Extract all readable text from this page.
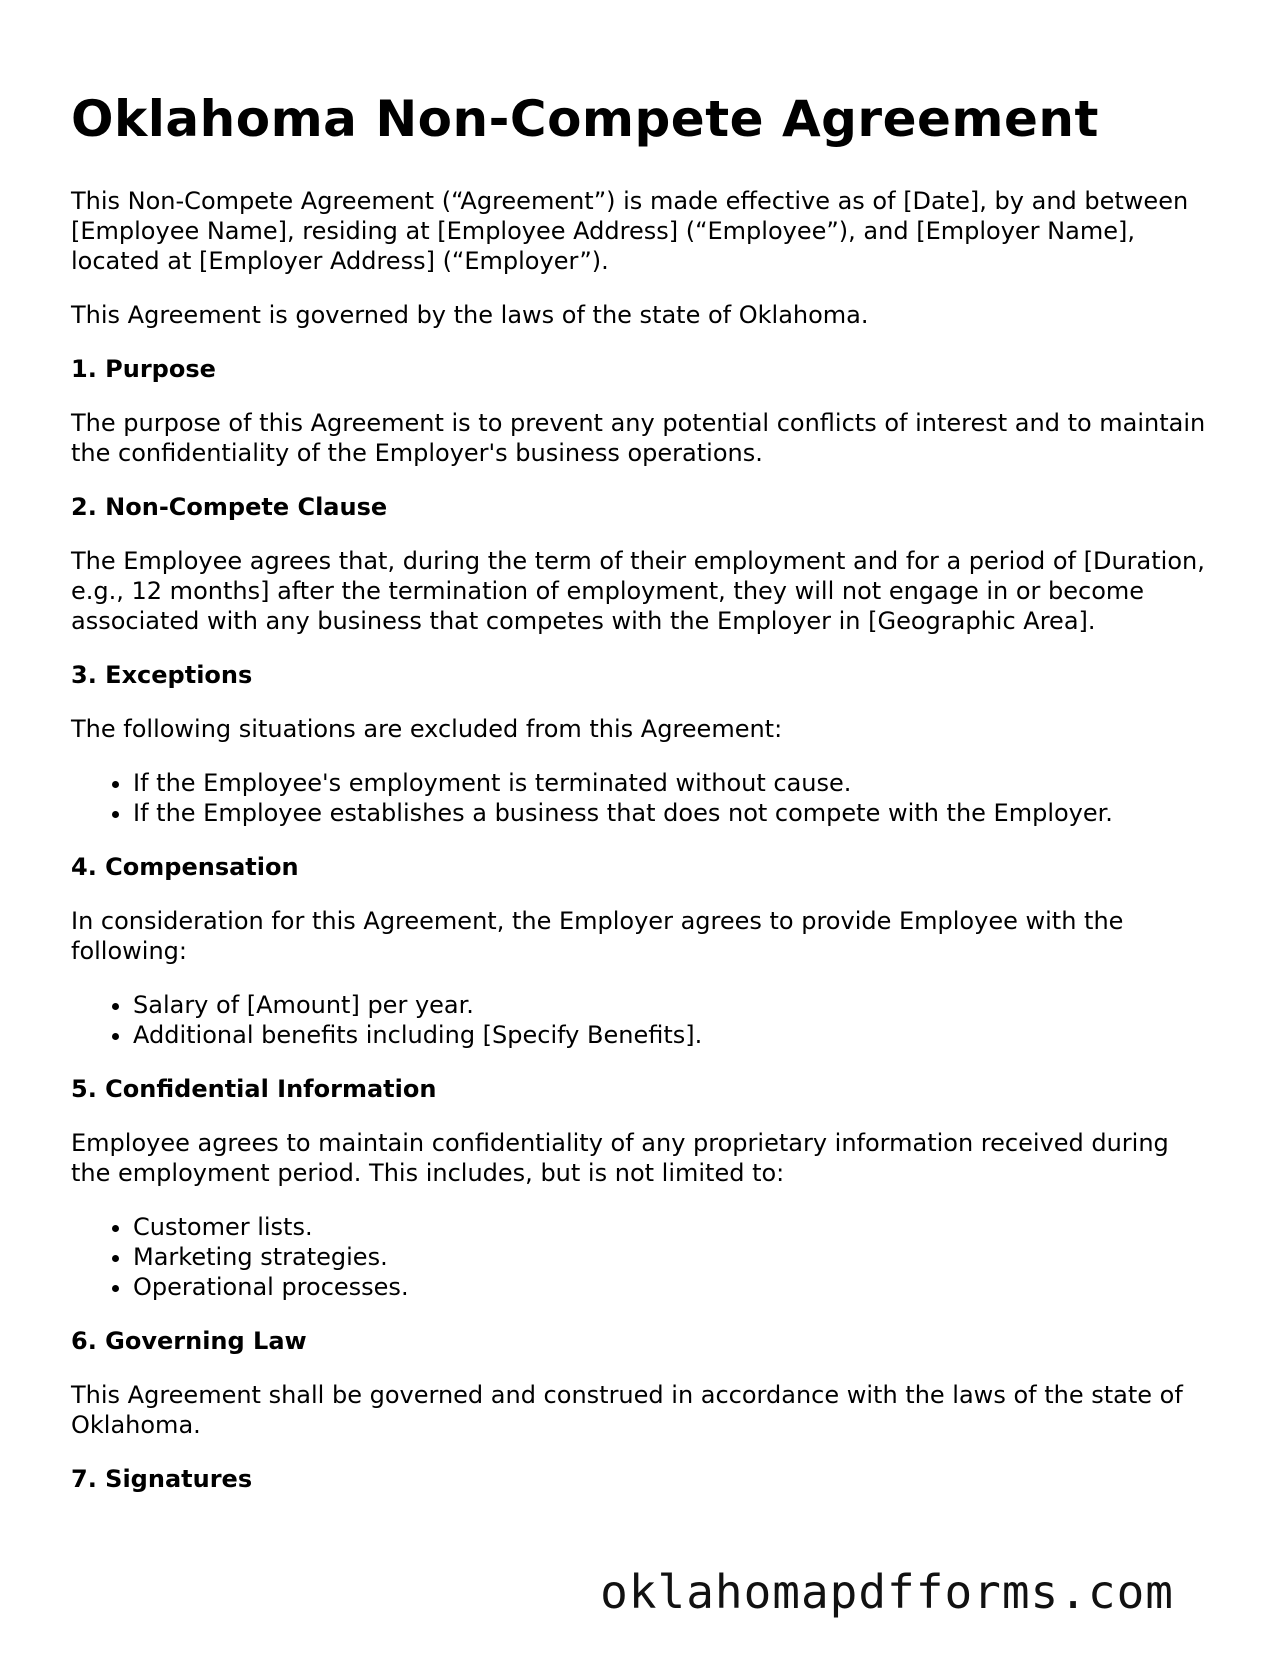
Oklahoma Non-Compete Agreement

This Non-Compete Agreement (“Agreement”) is made effective as of [Date], by and between [Employee Name], residing at [Employee Address] (“Employee”), and [Employer Name], located at [Employer Address] (“Employer”).

This Agreement is governed by the laws of the state of Oklahoma.

1. Purpose

The purpose of this Agreement is to prevent any potential conflicts of interest and to maintain the confidentiality of the Employer's business operations.

2. Non-Compete Clause

The Employee agrees that, during the term of their employment and for a period of [Duration, e.g., 12 months] after the termination of employment, they will not engage in or become associated with any business that competes with the Employer in [Geographic Area].

3. Exceptions

The following situations are excluded from this Agreement:

• If the Employee's employment is terminated without cause.
• If the Employee establishes a business that does not compete with the Employer.
4. Compensation

In consideration for this Agreement, the Employer agrees to provide Employee with the following:

• Salary of [Amount] per year.
• Additional benefits including [Specify Benefits].
5. Confidential Information

Employee agrees to maintain confidentiality of any proprietary information received during the employment period. This includes, but is not limited to:

• Customer lists.
• Marketing strategies.
• Operational processes.
6. Governing Law

This Agreement shall be governed and construed in accordance with the laws of the state of Oklahoma.

7. Signatures
oklahomapdfforms.com
